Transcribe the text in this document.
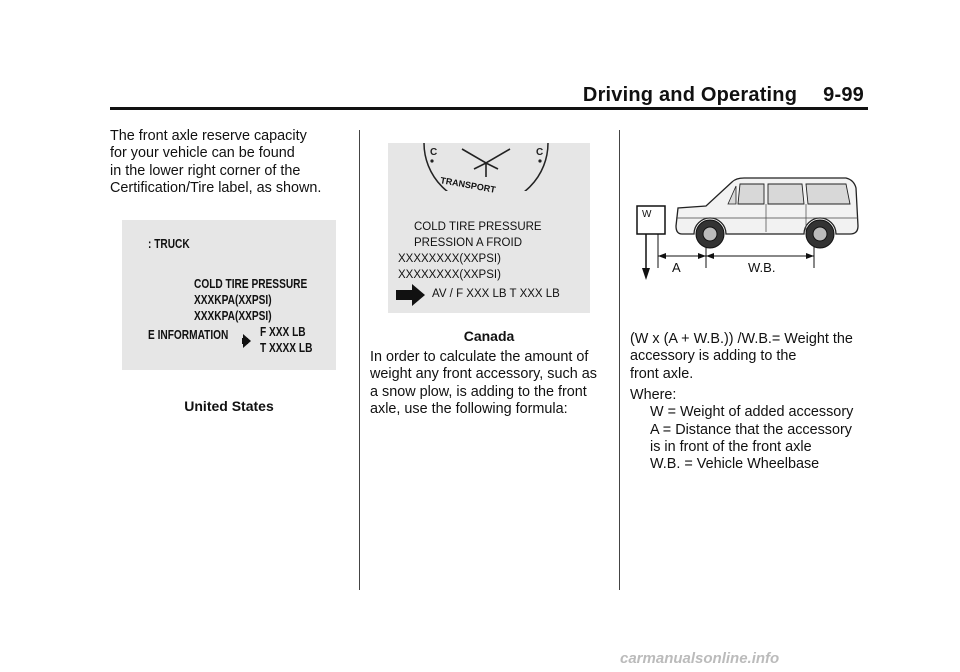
Driving and Operating 9-99
The front axle reserve capacity
for your vehicle can be found
in the lower right corner of the
Certification/Tire label, as shown.
: TRUCK
COLD TIRE PRESSURE
XXXKPA(XXPSI)
XXXKPA(XXPSI)
E INFORMATION F XXX LB
T XXXX LB
United States
C	C
TRANSPORT
COLD TIRE PRESSURE
PRESSION A FROID
XXXXXXXX(XXPSI)
XXXXXXXX(XXPSI)
AV / F XXX LB T XXX LB
Canada
In order to calculate the amount of
weight any front accessory, such as
a snow plow, is adding to the front
axle, use the following formula:
W
A	W.B.
(W x (A + W.B.)) /W.B.= Weight the
accessory is adding to the
front axle.
Where:
W = Weight of added accessory
A = Distance that the accessory
is in front of the front axle
W.B. = Vehicle Wheelbase
carmanualsonline.info
